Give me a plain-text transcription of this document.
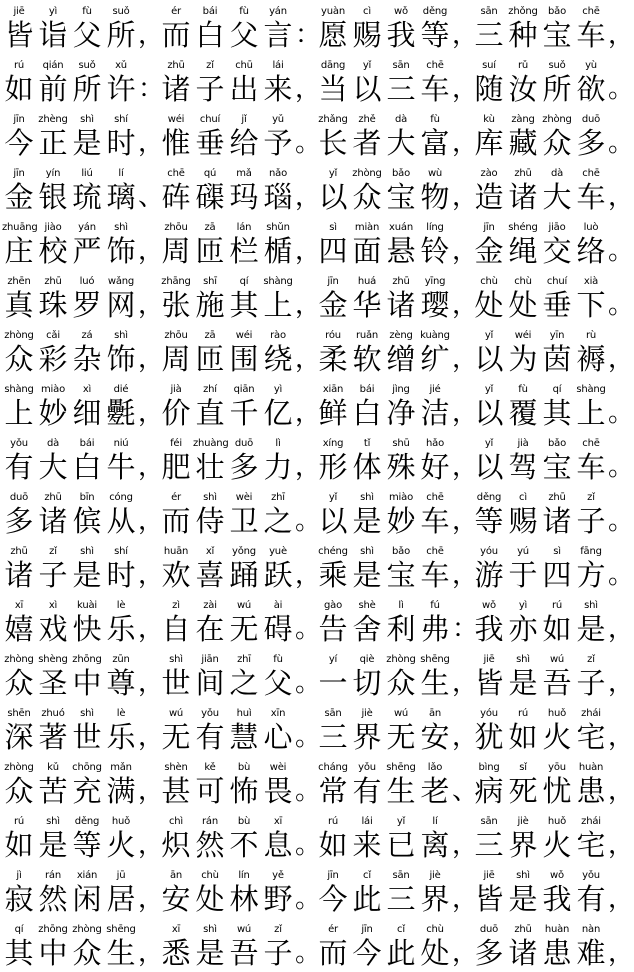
jiē	yì	fù	suǒ
皆 诣 父 所 ，
ér	bái	fù	yán
而 白 父 言 ：
yuàn	cì	wǒ	děng
愿 赐 我 等 ，
sān	zhǒng	bǎo	chē
三 种 宝 车 ，
rú	qián	suǒ	xǔ
如 前 所 许 ：
zhū	zǐ	chū	lái
诸 子 出 来 ，
dāng	yǐ	sān	chē
当 以 三 车 ，
suí	rǔ	suǒ	yù
随 汝 所 欲 。
jīn	zhèng	shì	shí
今 正 是 时 ，
wéi	chuí	jǐ	yǔ
惟 垂 给 予 。
zhǎng	zhě	dà	fù
长 者 大 富 ，
kù	zàng zhòng	duō
库 藏 众 多 。
jīn	yín	liú	lí
金 银 琉 璃 、
chē	qú	mǎ	nǎo
砗 磲 玛 瑙 ，
yǐ	zhòng	bǎo	wù
以 众 宝 物 ，
zào	zhū	dà	chē
造 诸 大 车 ，
zhuāng jiào	yán	shì
庄 校 严 饰 ，
zhōu	zā	lán	shǔn
周 匝 栏 楯 ，
sì	miàn xuán	líng
四 面 悬 铃 ，
jīn	shéng	jiāo	luò
金 绳 交 络 。
zhēn	zhū	luó	wǎng
真 珠 罗 网 ，
zhāng	shī	qí	shàng
张 施 其 上 ，
jīn	huá	zhū	yīng
金 华 诸 璎 ，
chù	chù	chuí	xià
处 处 垂 下 。
zhòng	cǎi	zá	shì
众 彩 杂 饰 ，
zhōu	zā	wéi	rào
周 匝 围 绕 ，
róu	ruǎn	zèng kuàng
柔 软 缯 纩 ，
yǐ	wéi	yīn	rù
以 为 茵 褥 ，
shàng miào	xì	dié
上 妙 细 氎 ，
jià	zhí	qiān	yì
价 直 千 亿 ，
xiān	bái	jìng	jié
鲜 白 净 洁 ，
yǐ	fù	qí	shàng
以 覆 其 上 。
yǒu	dà	bái	niú
有 大 白 牛 ，
féi	zhuàng duō	lì
肥 壮 多 力 ，
xíng	tǐ	shū	hǎo
形 体 殊 好 ，
yǐ	jià	bǎo	chē
以 驾 宝 车 。
duō	zhū	bīn	cóng
多 诸 傧 从 ，
ér	shì	wèi	zhī
而 侍 卫 之 。
yǐ	shì	miào	chē
以 是 妙 车 ，
děng	cì	zhū	zǐ
等 赐 诸 子 。
zhū	zǐ	shì	shí
诸 子 是 时 ，
huān	xǐ	yǒng	yuè
欢 喜 踊 跃 ，
chéng	shì	bǎo	chē
乘 是 宝 车 ，
yóu	yú	sì	fāng
游 于 四 方 。
xī	xì	kuài	lè
嬉 戏 快 乐 ，
zì	zài	wú	ài
自 在 无 碍 。
gào	shè	lì	fú
告 舍 利 弗 ：
wǒ	yì	rú	shì
我 亦 如 是 ，
zhòng shèng zhōng	zūn
众 圣 中 尊 ，
shì	jiān	zhī	fù
世 间 之 父 。
yí	qiè	zhòng shēng
一 切 众 生 ，
jiē	shì	wú	zǐ
皆 是 吾 子 ，
shēn	zhuó	shì	lè
深 著 世 乐 ，
wú	yǒu	huì	xīn
无 有 慧 心 。
sān	jiè	wú	ān
三 界 无 安 ，
yóu	rú	huǒ	zhái
犹 如 火 宅 ，
zhòng	kǔ	chōng mǎn
众 苦 充 满 ，
shèn	kě	bù	wèi
甚 可 怖 畏 。
cháng	yǒu	shēng	lǎo
常 有 生 老 、
bìng	sǐ	yōu	huàn
病 死 忧 患 ，
rú	shì	děng	huǒ
如 是 等 火 ，
chì	rán	bù	xī
炽 然 不 息 。
rú	lái	yǐ	lí
如 来 已 离 ，
sān	jiè	huǒ	zhái
三 界 火 宅 ，
jì	rán	xián	jū
寂 然 闲 居 ，
ān	chù	lín	yě
安 处 林 野 。
jīn	cǐ	sān	jiè
今 此 三 界 ，
jiē	shì	wǒ	yǒu
皆 是 我 有 ，
qí	zhōng zhòng shēng
其 中 众 生 ，
xī	shì	wú	zǐ
悉 是 吾 子 。
ér	jīn	cǐ	chù
而 今 此 处 ，
duō	zhū	huàn	nàn
多 诸 患 难 ，
